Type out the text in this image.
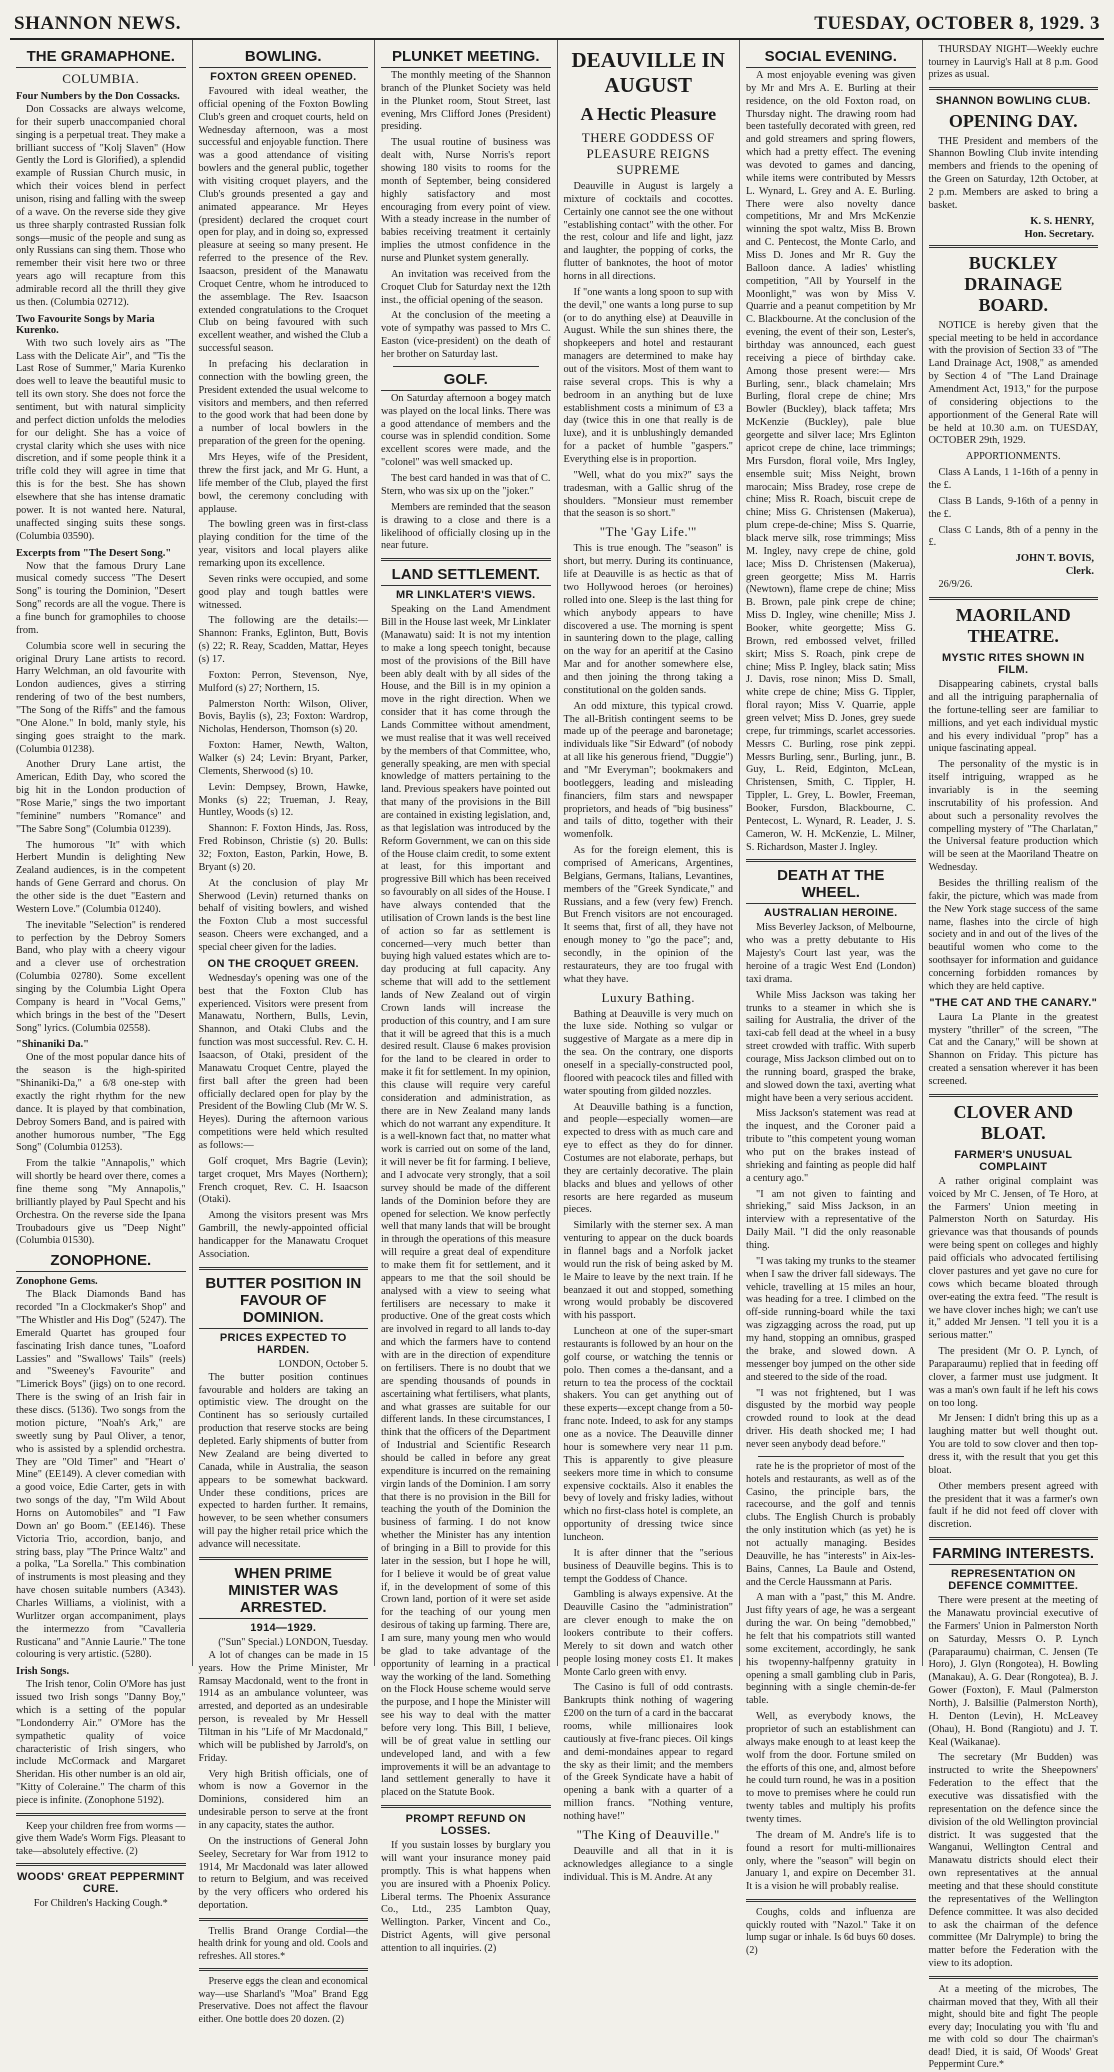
SHANNON NEWS.	TUESDAY, OCTOBER 8, 1929. 3
THE GRAMAPHONE.
COLUMBIA.
Four Numbers by the Don Cossacks.

Don Cossacks are always welcome, for their superb unaccompanied choral singing is a perpetual treat. They make a brilliant success of "Kolj Slaven" (How Gently the Lord is Glorified), a splendid example of Russian Church music, in which their voices blend in perfect unison, rising and falling with the sweep of a wave. On the reverse side they give us three sharply contrasted Russian folk songs—music of the people and sung as only Russians can sing them. Those who remember their visit here two or three years ago will recapture from this admirable record all the thrill they give us then. (Columbia 02712).

Two Favourite Songs by Maria Kurenko.

With two such lovely airs as "The Lass with the Delicate Air", and "Tis the Last Rose of Summer," Maria Kurenko does well to leave the beautiful music to tell its own story. She does not force the sentiment, but with natural simplicity and perfect diction unfolds the melodies for our delight. She has a voice of crystal clarity which she uses with nice discretion, and if some people think it a trifle cold they will agree in time that this is for the best. She has shown elsewhere that she has intense dramatic power. It is not wanted here. Natural, unaffected singing suits these songs. (Columbia 03590).

Excerpts from "The Desert Song."

Now that the famous Drury Lane musical comedy success "The Desert Song" is touring the Dominion, "Desert Song" records are all the vogue. There is a fine bunch for gramophiles to choose from.

Columbia score well in securing the original Drury Lane artists to record. Harry Welchman, an old favourite with London audiences, gives a stirring rendering of two of the best numbers, "The Song of the Riffs" and the famous "One Alone." In bold, manly style, his singing goes straight to the mark. (Columbia 01238).

Another Drury Lane artist, the American, Edith Day, who scored the big hit in the London production of "Rose Marie," sings the two important "feminine" numbers "Romance" and "The Sabre Song" (Columbia 01239).

The humorous "It" with which Herbert Mundin is delighting New Zealand audiences, is in the competent hands of Gene Gerrard and chorus. On the other side is the duet "Eastern and Western Love." (Columbia 01240).

The inevitable "Selection" is rendered to perfection by the Debroy Somers Band, who play with a cheery vigour and a clever use of orchestration (Columbia 02780). Some excellent singing by the Columbia Light Opera Company is heard in "Vocal Gems," which brings in the best of the "Desert Song" lyrics. (Columbia 02558).

"Shinaniki Da."

One of the most popular dance hits of the season is the high-spirited "Shinaniki-Da," a 6/8 one-step with exactly the right rhythm for the new dance. It is played by that combination, Debroy Somers Band, and is paired with another humorous number, "The Egg Song" (Columbia 01253).

From the talkie "Annapolis," which will shortly be heard over there, comes a fine theme song "My Annapolis," brilliantly played by Paul Specht and his Orchestra. On the reverse side the Ipana Troubadours give us "Deep Night" (Columbia 01530).

ZONOPHONE.
Zonophone Gems.

The Black Diamonds Band has recorded "In a Clockmaker's Shop" and "The Whistler and His Dog" (5247). The Emerald Quartet has grouped four fascinating Irish dance tunes, "Loaford Lassies" and "Swallows' Tails" (reels) and "Sweeney's Favourite" and "Limerick Boys" (jigs) on to one record. There is the swing of an Irish fair in these discs. (5136). Two songs from the motion picture, "Noah's Ark," are sweetly sung by Paul Oliver, a tenor, who is assisted by a splendid orchestra. They are "Old Timer" and "Heart o' Mine" (EE149). A clever comedian with a good voice, Edie Carter, gets in with two songs of the day, "I'm Wild About Horns on Automobiles" and "I Faw Down an' go Boom." (EE146). These Victoria Trio, accordion, banjo, and string bass, play "The Prince Waltz" and a polka, "La Sorella." This combination of instruments is most pleasing and they have chosen suitable numbers (A343). Charles Williams, a violinist, with a Wurlitzer organ accompaniment, plays the intermezzo from "Cavalleria Rusticana" and "Annie Laurie." The tone colouring is very artistic. (5280).

Irish Songs.

The Irish tenor, Colin O'More has just issued two Irish songs "Danny Boy," which is a setting of the popular "Londonderry Air." O'More has the sympathetic quality of voice characteristic of Irish singers, who include McCormack and Margaret Sheridan. His other number is an old air, "Kitty of Coleraine." The charm of this piece is infinite. (Zonophone 5192).

Keep your children free from worms —give them Wade's Worm Figs. Pleasant to take—absolutely effective. (2)

WOODS' GREAT PEPPERMINT CURE.

For Children's Hacking Cough.*

BOWLING.
FOXTON GREEN OPENED.

Favoured with ideal weather, the official opening of the Foxton Bowling Club's green and croquet courts, held on Wednesday afternoon, was a most successful and enjoyable function. There was a good attendance of visiting bowlers and the general public, together with visiting croquet players, and the Club's grounds presented a gay and animated appearance. Mr Heyes (president) declared the croquet court open for play, and in doing so, expressed pleasure at seeing so many present. He referred to the presence of the Rev. Isaacson, president of the Manawatu Croquet Centre, whom he introduced to the assemblage. The Rev. Isaacson extended congratulations to the Croquet Club on being favoured with such excellent weather, and wished the Club a successful season.

In prefacing his declaration in connection with the bowling green, the President extended the usual welcome to visitors and members, and then referred to the good work that had been done by a number of local bowlers in the preparation of the green for the opening.

Mrs Heyes, wife of the President, threw the first jack, and Mr G. Hunt, a life member of the Club, played the first bowl, the ceremony concluding with applause.

The bowling green was in first-class playing condition for the time of the year, visitors and local players alike remarking upon its excellence.

Seven rinks were occupied, and some good play and tough battles were witnessed.

The following are the details:— Shannon: Franks, Eglinton, Butt, Bovis (s) 22; R. Reay, Scadden, Mattar, Heyes (s) 17.

Foxton: Perron, Stevenson, Nye, Mulford (s) 27; Northern, 15.

Palmerston North: Wilson, Oliver, Bovis, Baylis (s), 23; Foxton: Wardrop, Nicholas, Henderson, Thomson (s) 20.

Foxton: Hamer, Newth, Walton, Walker (s) 24; Levin: Bryant, Parker, Clements, Sherwood (s) 10.

Levin: Dempsey, Brown, Hawke, Monks (s) 22; Trueman, J. Reay, Huntley, Woods (s) 12.

Shannon: F. Foxton Hinds, Jas. Ross, Fred Robinson, Christie (s) 20. Bulls: 32; Foxton, Easton, Parkin, Howe, B. Bryant (s) 20.

At the conclusion of play Mr Sherwood (Levin) returned thanks on behalf of visiting bowlers, and wished the Foxton Club a most successful season. Cheers were exchanged, and a special cheer given for the ladies.

ON THE CROQUET GREEN.

Wednesday's opening was one of the best that the Foxton Club has experienced. Visitors were present from Manawatu, Northern, Bulls, Levin, Shannon, and Otaki Clubs and the function was most successful. Rev. C. H. Isaacson, of Otaki, president of the Manawatu Croquet Centre, played the first ball after the green had been officially declared open for play by the President of the Bowling Club (Mr W. S. Heyes). During the afternoon various competitions were held which resulted as follows:—

Golf croquet, Mrs Bagrie (Levin); target croquet, Mrs Mayes (Northern); French croquet, Rev. C. H. Isaacson (Otaki).

Among the visitors present was Mrs Gambrill, the newly-appointed official handicapper for the Manawatu Croquet Association.

BUTTER POSITION IN FAVOUR OF DOMINION.
PRICES EXPECTED TO HARDEN.
LONDON, October 5.

The butter position continues favourable and holders are taking an optimistic view. The drought on the Continent has so seriously curtailed production that reserve stocks are being depleted. Early shipments of butter from New Zealand are being diverted to Canada, while in Australia, the season appears to be somewhat backward. Under these conditions, prices are expected to harden further. It remains, however, to be seen whether consumers will pay the higher retail price which the advance will necessitate.

WHEN PRIME MINISTER WAS ARRESTED.
1914—1929.
("Sun" Special.) LONDON, Tuesday.

A lot of changes can be made in 15 years. How the Prime Minister, Mr Ramsay Macdonald, went to the front in 1914 as an ambulance volunteer, was arrested, and deported as an undesirable person, is revealed by Mr Hessell Tiltman in his "Life of Mr Macdonald," which will be published by Jarrold's, on Friday.

Very high British officials, one of whom is now a Governor in the Dominions, considered him an undesirable person to serve at the front in any capacity, states the author.

On the instructions of General John Seeley, Secretary for War from 1912 to 1914, Mr Macdonald was later allowed to return to Belgium, and was received by the very officers who ordered his deportation.

Trellis Brand Orange Cordial—the health drink for young and old. Cools and refreshes. All stores.*

Preserve eggs the clean and economical way—use Sharland's "Moa" Brand Egg Preservative. Does not affect the flavour either. One bottle does 20 dozen. (2)

PLUNKET MEETING.

The monthly meeting of the Shannon branch of the Plunket Society was held in the Plunket room, Stout Street, last evening, Mrs Clifford Jones (President) presiding.

The usual routine of business was dealt with, Nurse Norris's report showing 180 visits to rooms for the month of September, being considered highly satisfactory and most encouraging from every point of view. With a steady increase in the number of babies receiving treatment it certainly implies the utmost confidence in the nurse and Plunket system generally.

An invitation was received from the Croquet Club for Saturday next the 12th inst., the official opening of the season.

At the conclusion of the meeting a vote of sympathy was passed to Mrs C. Easton (vice-president) on the death of her brother on Saturday last.

GOLF.

On Saturday afternoon a bogey match was played on the local links. There was a good attendance of members and the course was in splendid condition. Some excellent scores were made, and the "colonel" was well smacked up.

The best card handed in was that of C. Stern, who was six up on the "joker."

Members are reminded that the season is drawing to a close and there is a likelihood of officially closing up in the near future.

LAND SETTLEMENT.
MR LINKLATER'S VIEWS.

Speaking on the Land Amendment Bill in the House last week, Mr Linklater (Manawatu) said: It is not my intention to make a long speech tonight, because most of the provisions of the Bill have been ably dealt with by all sides of the House, and the Bill is in my opinion a move in the right direction. When we consider that it has come through the Lands Committee without amendment, we must realise that it was well received by the members of that Committee, who, generally speaking, are men with special knowledge of matters pertaining to the land. Previous speakers have pointed out that many of the provisions in the Bill are contained in existing legislation, and, as that legislation was introduced by the Reform Government, we can on this side of the House claim credit, to some extent at least, for this important and progressive Bill which has been received so favourably on all sides of the House. I have always contended that the utilisation of Crown lands is the best line of action so far as settlement is concerned—very much better than buying high valued estates which are to-day producing at full capacity. Any scheme that will add to the settlement lands of New Zealand out of virgin Crown lands will increase the production of this country, and I am sure that it will be agreed that this is a much desired result. Clause 6 makes provision for the land to be cleared in order to make it fit for settlement. In my opinion, this clause will require very careful consideration and administration, as there are in New Zealand many lands which do not warrant any expenditure. It is a well-known fact that, no matter what work is carried out on some of the land, it will never be fit for farming. I believe, and I advocate very strongly, that a soil survey should be made of the different lands of the Dominion before they are opened for selection. We know perfectly well that many lands that will be brought in through the operations of this measure will require a great deal of expenditure to make them fit for settlement, and it appears to me that the soil should be analysed with a view to seeing what fertilisers are necessary to make it productive. One of the great costs which are involved in regard to all lands to-day and which the farmers have to contend with are in the direction of expenditure on fertilisers. There is no doubt that we are spending thousands of pounds in ascertaining what fertilisers, what plants, and what grasses are suitable for our different lands. In these circumstances, I think that the officers of the Department of Industrial and Scientific Research should be called in before any great expenditure is incurred on the remaining virgin lands of the Dominion. I am sorry that there is no provision in the Bill for teaching the youth of the Dominion the business of farming. I do not know whether the Minister has any intention of bringing in a Bill to provide for this later in the session, but I hope he will, for I believe it would be of great value if, in the development of some of this Crown land, portion of it were set aside for the teaching of our young men desirous of taking up farming. There are, I am sure, many young men who would be glad to take advantage of the opportunity of learning in a practical way the working of the land. Something on the Flock House scheme would serve the purpose, and I hope the Minister will see his way to deal with the matter before very long. This Bill, I believe, will be of great value in settling our undeveloped land, and with a few improvements it will be an advantage to land settlement generally to have it placed on the Statute Book.

PROMPT REFUND ON LOSSES.

If you sustain losses by burglary you will want your insurance money paid promptly. This is what happens when you are insured with a Phoenix Policy. Liberal terms. The Phoenix Assurance Co., Ltd., 235 Lambton Quay, Wellington. Parker, Vincent and Co., District Agents, will give personal attention to all inquiries. (2)

DEAUVILLE IN AUGUST
A Hectic Pleasure
THERE GODDESS OF PLEASURE REIGNS SUPREME

Deauville in August is largely a mixture of cocktails and cocottes. Certainly one cannot see the one without "establishing contact" with the other. For the rest, colour and life and light, jazz and laughter, the popping of corks, the flutter of banknotes, the hoot of motor horns in all directions.

If "one wants a long spoon to sup with the devil," one wants a long purse to sup (or to do anything else) at Deauville in August. While the sun shines there, the shopkeepers and hotel and restaurant managers are determined to make hay out of the visitors. Most of them want to raise several crops. This is why a bedroom in an anything but de luxe establishment costs a minimum of £3 a day (twice this in one that really is de luxe), and it is unblushingly demanded for a packet of humble "gaspers." Everything else is in proportion.

"Well, what do you mix?" says the tradesman, with a Gallic shrug of the shoulders. "Monsieur must remember that the season is so short."

"The 'Gay Life.'"

This is true enough. The "season" is short, but merry. During its continuance, life at Deauville is as hectic as that of two Hollywood heroes (or heroines) rolled into one. Sleep is the last thing for which anybody appears to have discovered a use. The morning is spent in sauntering down to the plage, calling on the way for an aperitif at the Casino Mar and for another somewhere else, and then joining the throng taking a constitutional on the golden sands.

An odd mixture, this typical crowd. The all-British contingent seems to be made up of the peerage and baronetage; individuals like "Sir Edward" (of nobody at all like his generous friend, "Duggie") and "Mr Everyman"; bookmakers and bootleggers, leading and misleading financiers, film stars and newspaper proprietors, and heads of "big business" and tails of ditto, together with their womenfolk.

As for the foreign element, this is comprised of Americans, Argentines, Belgians, Germans, Italians, Levantines, members of the "Greek Syndicate," and Russians, and a few (very few) French. But French visitors are not encouraged. It seems that, first of all, they have not enough money to "go the pace"; and, secondly, in the opinion of the restaurateurs, they are too frugal with what they have.

Luxury Bathing.

Bathing at Deauville is very much on the luxe side. Nothing so vulgar or suggestive of Margate as a mere dip in the sea. On the contrary, one disports oneself in a specially-constructed pool, floored with peacock tiles and filled with water spouting from gilded nozzles.

At Deauville bathing is a function, and people—especially women—are expected to dress with as much care and eye to effect as they do for dinner. Costumes are not elaborate, perhaps, but they are certainly decorative. The plain blacks and blues and yellows of other resorts are here regarded as museum pieces.

Similarly with the sterner sex. A man venturing to appear on the duck boards in flannel bags and a Norfolk jacket would run the risk of being asked by M. le Maire to leave by the next train. If he beanzaed it out and stopped, something wrong would probably be discovered with his passport.

Luncheon at one of the super-smart restaurants is followed by an hour on the golf course, or watching the tennis or polo. Then comes a the-dansant, and a return to tea the process of the cocktail shakers. You can get anything out of these experts—except change from a 50-franc note. Indeed, to ask for any stamps one as a novice. The Deauville dinner hour is somewhere very near 11 p.m. This is apparently to give pleasure seekers more time in which to consume expensive cocktails. Also it enables the bevy of lovely and frisky ladies, without which no first-class hotel is complete, an opportunity of dressing twice since luncheon.

It is after dinner that the "serious business of Deauville begins. This is to tempt the Goddess of Chance.

Gambling is always expensive. At the Deauville Casino the "administration" are clever enough to make the on lookers contribute to their coffers. Merely to sit down and watch other people losing money costs £1. It makes Monte Carlo green with envy.

The Casino is full of odd contrasts. Bankrupts think nothing of wagering £200 on the turn of a card in the baccarat rooms, while millionaires look cautiously at five-franc pieces. Oil kings and demi-mondaines appear to regard the sky as their limit; and the members of the Greek Syndicate have a habit of opening a bank with a quarter of a million francs. "Nothing venture, nothing have!"

"The King of Deauville."

Deauville and all that in it is acknowledges allegiance to a single individual. This is M. Andre. At any

SOCIAL EVENING.

A most enjoyable evening was given by Mr and Mrs A. E. Burling at their residence, on the old Foxton road, on Thursday night. The drawing room had been tastefully decorated with green, red and gold streamers and spring flowers, which had a pretty effect. The evening was devoted to games and dancing, while items were contributed by Messrs L. Wynard, L. Grey and A. E. Burling. There were also novelty dance competitions, Mr and Mrs McKenzie winning the spot waltz, Miss B. Brown and C. Pentecost, the Monte Carlo, and Miss D. Jones and Mr R. Guy the Balloon dance. A ladies' whistling competition, "All by Yourself in the Moonlight," was won by Miss V. Quarrie and a peanut competition by Mr C. Blackbourne. At the conclusion of the evening, the event of their son, Lester's, birthday was announced, each guest receiving a piece of birthday cake. Among those present were:— Mrs Burling, senr., black chamelain; Mrs Burling, floral crepe de chine; Mrs Bowler (Buckley), black taffeta; Mrs McKenzie (Buckley), pale blue georgette and silver lace; Mrs Eglinton apricot crepe de chine, lace trimmings; Mrs Fursdon, floral voile, Mrs Ingley, ensemble suit; Miss Neight, brown marocain; Miss Bradey, rose crepe de chine; Miss R. Roach, biscuit crepe de chine; Miss G. Christensen (Makerua), plum crepe-de-chine; Miss S. Quarrie, black merve silk, rose trimmings; Miss M. Ingley, navy crepe de chine, gold lace; Miss D. Christensen (Makerua), green georgette; Miss M. Harris (Newtown), flame crepe de chine; Miss B. Brown, pale pink crepe de chine; Miss D. Ingley, wine chenille; Miss J. Booker, white georgette; Miss G. Brown, red embossed velvet, frilled skirt; Miss S. Roach, pink crepe de chine; Miss P. Ingley, black satin; Miss J. Davis, rose ninon; Miss D. Small, white crepe de chine; Miss G. Tippler, floral rayon; Miss V. Quarrie, apple green velvet; Miss D. Jones, grey suede crepe, fur trimmings, scarlet accessories. Messrs C. Burling, rose pink zeppi. Messrs Burling, senr., Burling, junr., B. Guy, L. Reid, Edginton, McLean, Christensen, Smith, C. Tippler, H. Tippler, L. Grey, L. Bowler, Freeman, Booker, Fursdon, Blackbourne, C. Pentecost, L. Wynard, R. Leader, J. S. Cameron, W. H. McKenzie, L. Milner, S. Richardson, Master J. Ingley.

DEATH AT THE WHEEL.
AUSTRALIAN HEROINE.

Miss Beverley Jackson, of Melbourne, who was a pretty debutante to His Majesty's Court last year, was the heroine of a tragic West End (London) taxi drama.

While Miss Jackson was taking her trunks to a steamer in which she is sailing for Australia, the driver of the taxi-cab fell dead at the wheel in a busy street crowded with traffic. With superb courage, Miss Jackson climbed out on to the running board, grasped the brake, and slowed down the taxi, averting what might have been a very serious accident.

Miss Jackson's statement was read at the inquest, and the Coroner paid a tribute to "this competent young woman who put on the brakes instead of shrieking and fainting as people did half a century ago."

"I am not given to fainting and shrieking," said Miss Jackson, in an interview with a representative of the Daily Mail. "I did the only reasonable thing.

"I was taking my trunks to the steamer when I saw the driver fall sideways. The vehicle, travelling at 15 miles an hour, was heading for a tree. I climbed on the off-side running-board while the taxi was zigzagging across the road, put up my hand, stopping an omnibus, grasped the brake, and slowed down. A messenger boy jumped on the other side and steered to the side of the road.

"I was not frightened, but I was disgusted by the morbid way people crowded round to look at the dead driver. His death shocked me; I had never seen anybody dead before."

rate he is the proprietor of most of the hotels and restaurants, as well as of the Casino, the principle bars, the racecourse, and the golf and tennis clubs. The English Church is probably the only institution which (as yet) he is not actually managing. Besides Deauville, he has "interests" in Aix-les-Bains, Cannes, La Baule and Ostend, and the Cercle Haussmann at Paris.

A man with a "past," this M. Andre. Just fifty years of age, he was a sergeant during the war. On being "demobbed," he felt that his compatriots still wanted some excitement, accordingly, he sank his twopenny-halfpenny gratuity in opening a small gambling club in Paris, beginning with a single chemin-de-fer table.

Well, as everybody knows, the proprietor of such an establishment can always make enough to at least keep the wolf from the door. Fortune smiled on the efforts of this one, and, almost before he could turn round, he was in a position to move to premises where he could run twenty tables and multiply his profits twenty times.

The dream of M. Andre's life is to found a resort for multi-millionaires only, where the "season" will begin on January 1, and expire on December 31. It is a vision he will probably realise.

Coughs, colds and influenza are quickly routed with "Nazol." Take it on lump sugar or inhale. Is 6d buys 60 doses. (2)

THURSDAY NIGHT—Weekly euchre tourney in Laurvig's Hall at 8 p.m. Good prizes as usual.

SHANNON BOWLING CLUB.
OPENING DAY.

THE President and members of the Shannon Bowling Club invite intending members and friends to the opening of the Green on Saturday, 12th October, at 2 p.m. Members are asked to bring a basket.

K. S. HENRY,
Hon. Secretary.
BUCKLEY DRAINAGE BOARD.

NOTICE is hereby given that the special meeting to be held in accordance with the provision of Section 33 of "The Land Drainage Act, 1908," as amended by Section 4 of "The Land Drainage Amendment Act, 1913," for the purpose of considering objections to the apportionment of the General Rate will be held at 10.30 a.m. on TUESDAY, OCTOBER 29th, 1929.

APPORTIONMENTS.

Class A Lands, 1 1-16th of a penny in the £.

Class B Lands, 9-16th of a penny in the £.

Class C Lands, 8th of a penny in the £.

JOHN T. BOVIS,
Clerk.

26/9/26.

MAORILAND THEATRE.
MYSTIC RITES SHOWN IN FILM.

Disappearing cabinets, crystal balls and all the intriguing paraphernalia of the fortune-telling seer are familiar to millions, and yet each individual mystic and his every individual "prop" has a unique fascinating appeal.

The personality of the mystic is in itself intriguing, wrapped as he invariably is in the seeming inscrutability of his profession. And about such a personality revolves the compelling mystery of "The Charlatan," the Universal feature production which will be seen at the Maoriland Theatre on Wednesday.

Besides the thrilling realism of the fakir, the picture, which was made from the New York stage success of the same name, flashes into the circle of high society and in and out of the lives of the beautiful women who come to the soothsayer for information and guidance concerning forbidden romances by which they are held captive.

"THE CAT AND THE CANARY."

Laura La Plante in the greatest mystery "thriller" of the screen, "The Cat and the Canary," will be shown at Shannon on Friday. This picture has created a sensation wherever it has been screened.

CLOVER AND BLOAT.
FARMER'S UNUSUAL COMPLAINT

A rather original complaint was voiced by Mr C. Jensen, of Te Horo, at the Farmers' Union meeting in Palmerston North on Saturday. His grievance was that thousands of pounds were being spent on colleges and highly paid officials who advocated fertilising clover pastures and yet gave no cure for cows which became bloated through over-eating the extra feed. "The result is we have clover inches high; we can't use it," added Mr Jensen. "I tell you it is a serious matter."

The president (Mr O. P. Lynch, of Paraparaumu) replied that in feeding off clover, a farmer must use judgment. It was a man's own fault if he left his cows on too long.

Mr Jensen: I didn't bring this up as a laughing matter but well thought out. You are told to sow clover and then top-dress it, with the result that you get this bloat.

Other members present agreed with the president that it was a farmer's own fault if he did not feed off clover with discretion.

FARMING INTERESTS.
REPRESENTATION ON DEFENCE COMMITTEE.

There were present at the meeting of the Manawatu provincial executive of the Farmers' Union in Palmerston North on Saturday, Messrs O. P. Lynch (Paraparaumu) chairman, C. Jensen (Te Horo), J. Glyn (Rongotea), H. Bowling (Manakau), A. G. Dear (Rongotea), B. J. Gower (Foxton), F. Maul (Palmerston North), J. Balsillie (Palmerston North), H. Denton (Levin), H. McLeavey (Ohau), H. Bond (Rangiotu) and J. T. Keal (Waikanae).

The secretary (Mr Budden) was instructed to write the Sheepowners' Federation to the effect that the executive was dissatisfied with the representation on the defence since the division of the old Wellington provincial district. It was suggested that the Wanganui, Wellington Central and Manawatu districts should elect their own representatives at the annual meeting and that these should constitute the representatives of the Wellington Defence committee. It was also decided to ask the chairman of the defence committee (Mr Dalrymple) to bring the matter before the Federation with the view to its adoption.

At a meeting of the microbes, The chairman moved that they, With all their might, should bite and fight The people every day; Inoculating you with 'flu and me with cold so dour The chairman's dead! Died, it is said, Of Woods' Great Peppermint Cure.*
